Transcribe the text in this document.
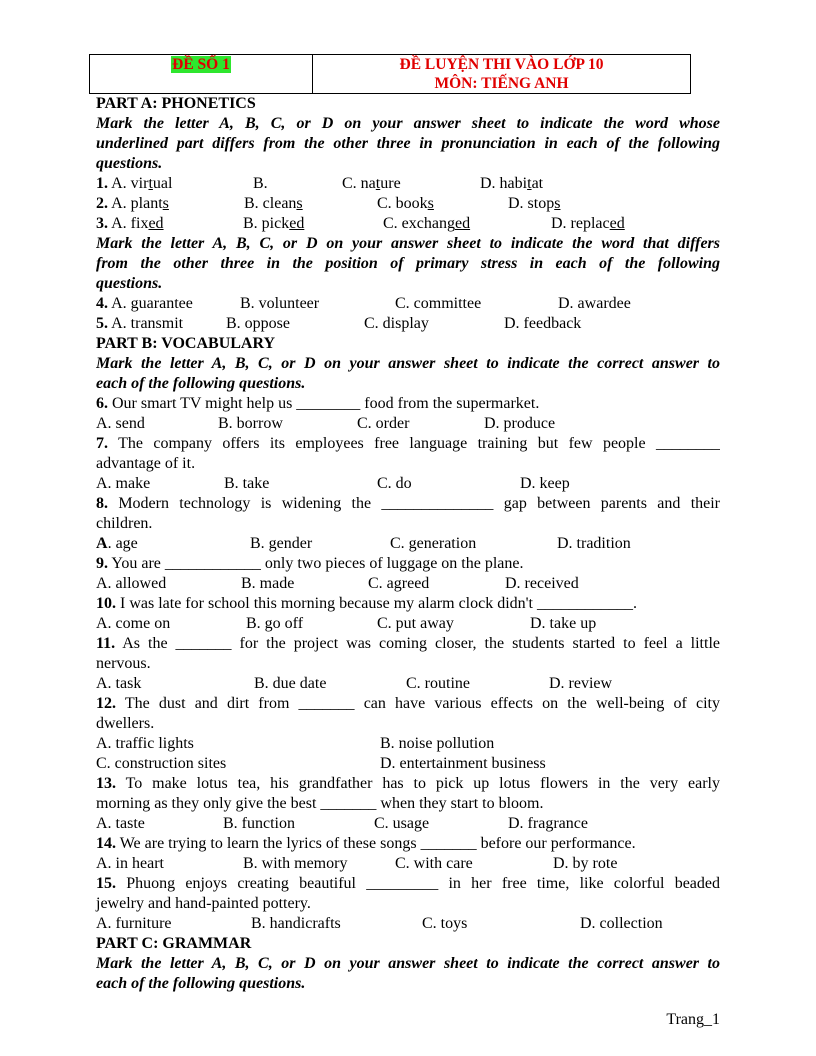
ĐỀ SỐ 1	ĐỀ LUYỆN THI VÀO LỚP 10
MÔN: TIẾNG ANH
PART A: PHONETICS
Mark the letter A, B, C, or D on your answer sheet to indicate the word whose
underlined part differs from the other three in pronunciation in each of the following
questions.
1. A. virtual	B.	C. nature	D. habitat
2. A. plants	B. cleans	C. books	D. stops
3. A. fixed	B. picked	C. exchanged	D. replaced
Mark the letter A, B, C, or D on your answer sheet to indicate the word that differs
from the other three in the position of primary stress in each of the following
questions.
4. A. guarantee	B. volunteer	C. committee	D. awardee
5. A. transmit	B. oppose	C. display	D. feedback
PART B: VOCABULARY
Mark the letter A, B, C, or D on your answer sheet to indicate the correct answer to
each of the following questions.
6. Our smart TV might help us ________ food from the supermarket.
A. send	B. borrow	C. order	D. produce
7. The company offers its employees free language training but few people ________
advantage of it.
A. make	B. take	C. do	D. keep
8. Modern technology is widening the ______________ gap between parents and their
children.
A. age	B. gender	C. generation	D. tradition
9. You are ____________ only two pieces of luggage on the plane.
A. allowed	B. made	C. agreed	D. received
10. I was late for school this morning because my alarm clock didn't ____________.
A. come on	B. go off	C. put away	D. take up
11. As the _______ for the project was coming closer, the students started to feel a little
nervous.
A. task	B. due date	C. routine	D. review
12. The dust and dirt from _______ can have various effects on the well-being of city
dwellers.
A. traffic lights	B. noise pollution
C. construction sites	D. entertainment business
13. To make lotus tea, his grandfather has to pick up lotus flowers in the very early
morning as they only give the best _______ when they start to bloom.
A. taste	B. function	C. usage	D. fragrance
14. We are trying to learn the lyrics of these songs _______ before our performance.
A. in heart	B. with memory	C. with care	D. by rote
15. Phuong enjoys creating beautiful _________ in her free time, like colorful beaded
jewelry and hand-painted pottery.
A. furniture	B. handicrafts	C. toys	D. collection
PART C: GRAMMAR
Mark the letter A, B, C, or D on your answer sheet to indicate the correct answer to
each of the following questions.
Trang_1
